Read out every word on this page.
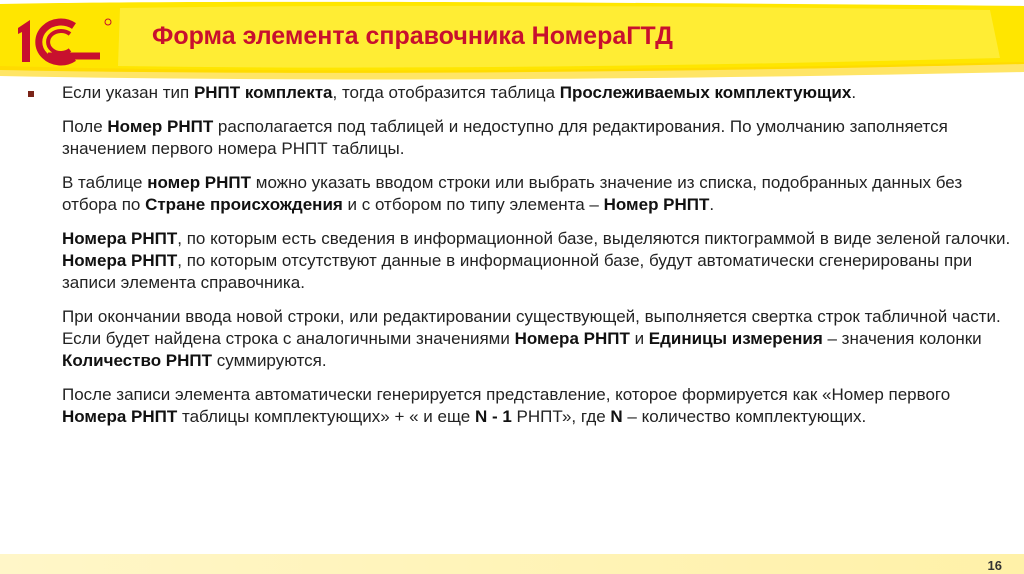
Форма элемента справочника НомераГТД

Если указан тип РНПТ комплекта, тогда отобразится таблица Прослеживаемых комплектующих.

Поле Номер РНПТ располагается под таблицей и недоступно для редактирования. По умолчанию заполняется значением первого номера РНПТ таблицы.

В таблице номер РНПТ можно указать вводом строки или выбрать значение из списка, подобранных данных без отбора по Стране происхождения и с отбором по типу элемента – Номер РНПТ.

Номера РНПТ, по которым есть сведения в информационной базе, выделяются пиктограммой в виде зеленой галочки.
Номера РНПТ, по которым отсутствуют данные в информационной базе, будут автоматически сгенерированы при записи элемента справочника.

При окончании ввода новой строки, или редактировании существующей, выполняется свертка строк табличной части. Если будет найдена строка с аналогичными значениями Номера РНПТ и Единицы измерения – значения колонки Количество РНПТ суммируются.

После записи элемента автоматически генерируется представление, которое формируется как «Номер первого Номера РНПТ таблицы комплектующих» + « и еще N - 1 РНПТ», где N – количество комплектующих.

16
